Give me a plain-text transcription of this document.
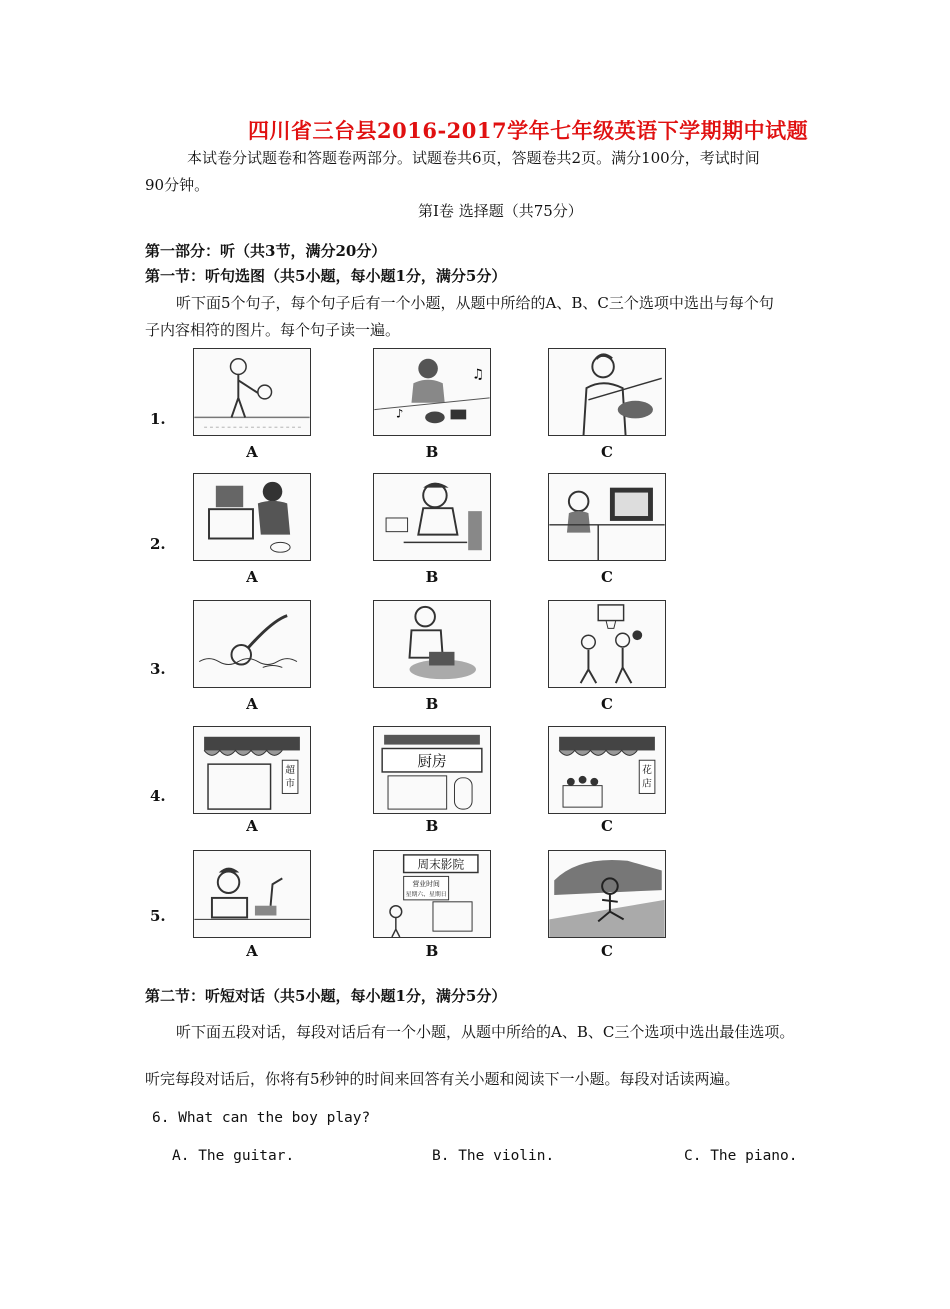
四川省三台县2016-2017学年七年级英语下学期期中试题
本试卷分试题卷和答题卷两部分。试题卷共6页，答题卷共2页。满分100分，考试时间
90分钟。
第Ⅰ卷 选择题（共75分）
第一部分：听（共3节，满分20分）
第一节：听句选图（共5小题，每小题1分，满分5分）
听下面5个句子，每个句子后有一个小题，从题中所给的A、B、C三个选项中选出与每个句
子内容相符的图片。每个句子读一遍。
1.
♫
♪
A	B	C
2.
A	B	C
3.
A	B	C
4.
超
市
厨房
花
店
A	B	C
5.
周末影院
营业时间
星期六、星期日
A	B	C
第二节：听短对话（共5小题，每小题1分，满分5分）
听下面五段对话，每段对话后有一个小题，从题中所给的A、B、C三个选项中选出最佳选项。
听完每段对话后，你将有5秒钟的时间来回答有关小题和阅读下一小题。每段对话读两遍。
6. What can the boy play?
A. The guitar.	B. The violin.	C. The piano.
